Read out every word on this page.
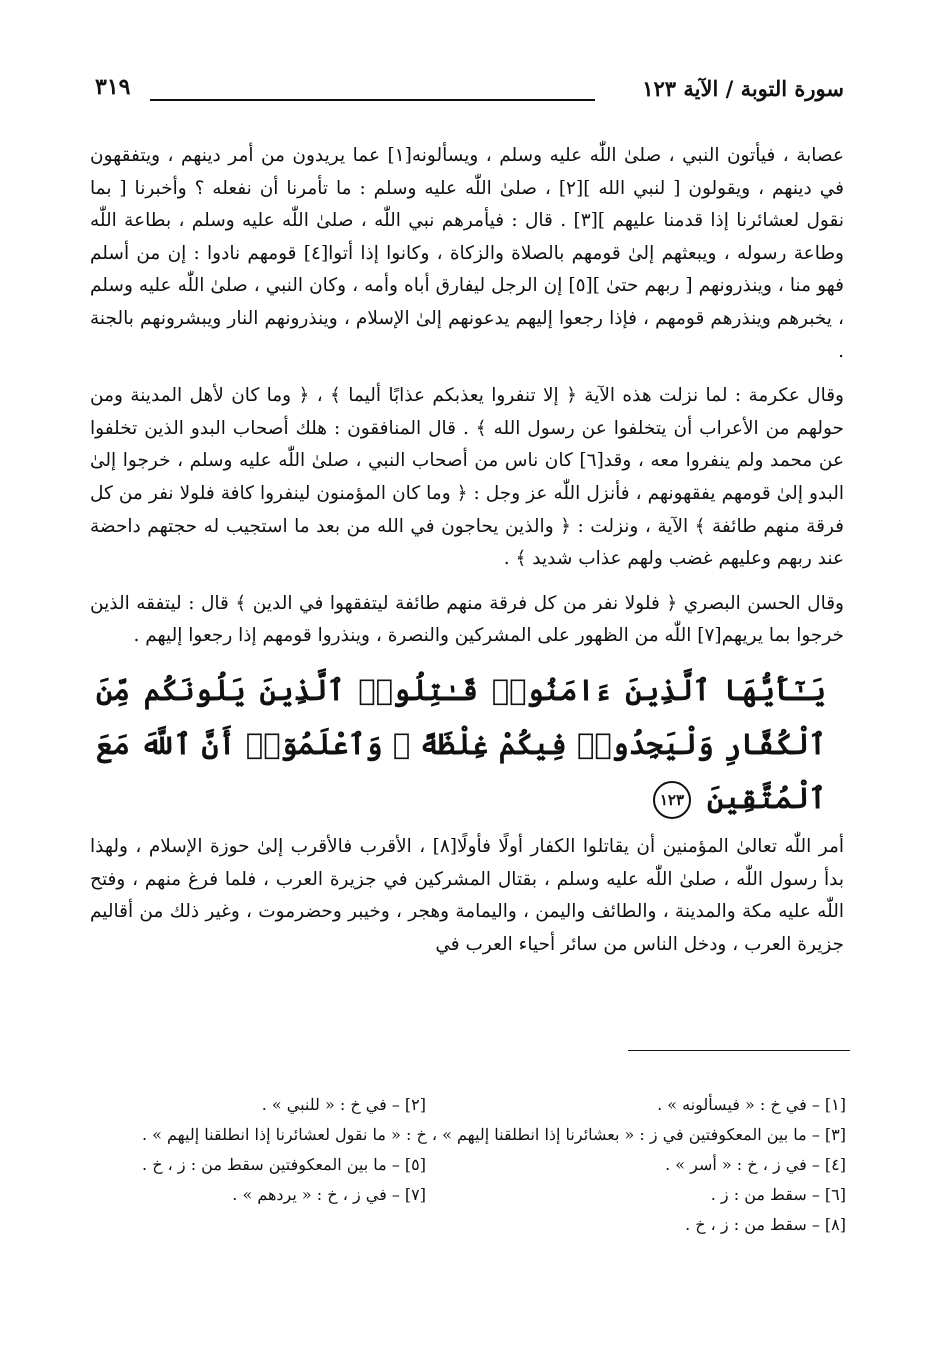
سورة التوبة / الآية ١٢٣
٣١٩

عصابة ، فيأتون النبي ، صلىٰ اللّٰه عليه وسلم ، ويسألونه[١] عما يريدون من أمر دينهم ، ويتفقهون في دينهم ، ويقولون [ لنبي الله ][٢] ، صلىٰ اللّٰه عليه وسلم : ما تأمرنا أن نفعله ؟ وأخبرنا [ بما نقول لعشائرنا إذا قدمنا عليهم ][٣] . قال : فيأمرهم نبي اللّٰه ، صلىٰ اللّٰه عليه وسلم ، بطاعة اللّٰه وطاعة رسوله ، ويبعثهم إلىٰ قومهم بالصلاة والزكاة ، وكانوا إذا أتوا[٤] قومهم نادوا : إن من أسلم فهو منا ، وينذرونهم [ ربهم حتىٰ ][٥] إن الرجل ليفارق أباه وأمه ، وكان النبي ، صلىٰ اللّٰه عليه وسلم ، يخبرهم وينذرهم قومهم ، فإذا رجعوا إليهم يدعونهم إلىٰ الإسلام ، وينذرونهم النار ويبشرونهم بالجنة .

وقال عكرمة : لما نزلت هذه الآية ﴿ إلا تنفروا يعذبكم عذابًا أليما ﴾ ، ﴿ وما كان لأهل المدينة ومن حولهم من الأعراب أن يتخلفوا عن رسول الله ﴾ . قال المنافقون : هلك أصحاب البدو الذين تخلفوا عن محمد ولم ينفروا معه ، وقد[٦] كان ناس من أصحاب النبي ، صلىٰ اللّٰه عليه وسلم ، خرجوا إلىٰ البدو إلىٰ قومهم يفقهونهم ، فأنزل اللّٰه عز وجل : ﴿ وما كان المؤمنون لينفروا كافة فلولا نفر من كل فرقة منهم طائفة ﴾ الآية ، ونزلت : ﴿ والذين يحاجون في الله من بعد ما استجيب له حجتهم داحضة عند ربهم وعليهم غضب ولهم عذاب شديد ﴾ .

وقال الحسن البصري ﴿ فلولا نفر من كل فرقة منهم طائفة ليتفقهوا في الدين ﴾ قال : ليتفقه الذين خرجوا بما يريهم[٧] اللّٰه من الظهور على المشركين والنصرة ، وينذروا قومهم إذا رجعوا إليهم .

يَـٰٓأَيُّهَا ٱلَّذِينَ ءَامَنُوا۟ قَـٰتِلُوا۟ ٱلَّذِينَ يَلُونَكُم مِّنَ ٱلْكُفَّارِ وَلْيَجِدُوا۟ فِيكُمْ غِلْظَةً ۚ وَٱعْلَمُوٓا۟ أَنَّ ٱللَّهَ مَعَ ٱلْمُتَّقِينَ ١٢٣

أمر اللّٰه تعالىٰ المؤمنين أن يقاتلوا الكفار أولًا فأولًا[٨] ، الأقرب فالأقرب إلىٰ حوزة الإسلام ، ولهذا بدأ رسول اللّٰه ، صلىٰ اللّٰه عليه وسلم ، بقتال المشركين في جزيرة العرب ، فلما فرغ منهم ، وفتح اللّٰه عليه مكة والمدينة ، والطائف واليمن ، واليمامة وهجر ، وخيبر وحضرموت ، وغير ذلك من أقاليم جزيرة العرب ، ودخل الناس من سائر أحياء العرب في

[١] – في خ : « فيسألونه » .
[٢] – في خ : « للنبي » .
[٣] – ما بين المعكوفتين في ز : « بعشائرنا إذا انطلقنا إليهم » ، خ : « ما نقول لعشائرنا إذا انطلقنا إليهم » .
[٤] – في ز ، خ : « أسر » .
[٥] – ما بين المعكوفتين سقط من : ز ، خ .
[٦] – سقط من : ز .
[٧] – في ز ، خ : « يردهم » .
[٨] – سقط من : ز ، خ .
